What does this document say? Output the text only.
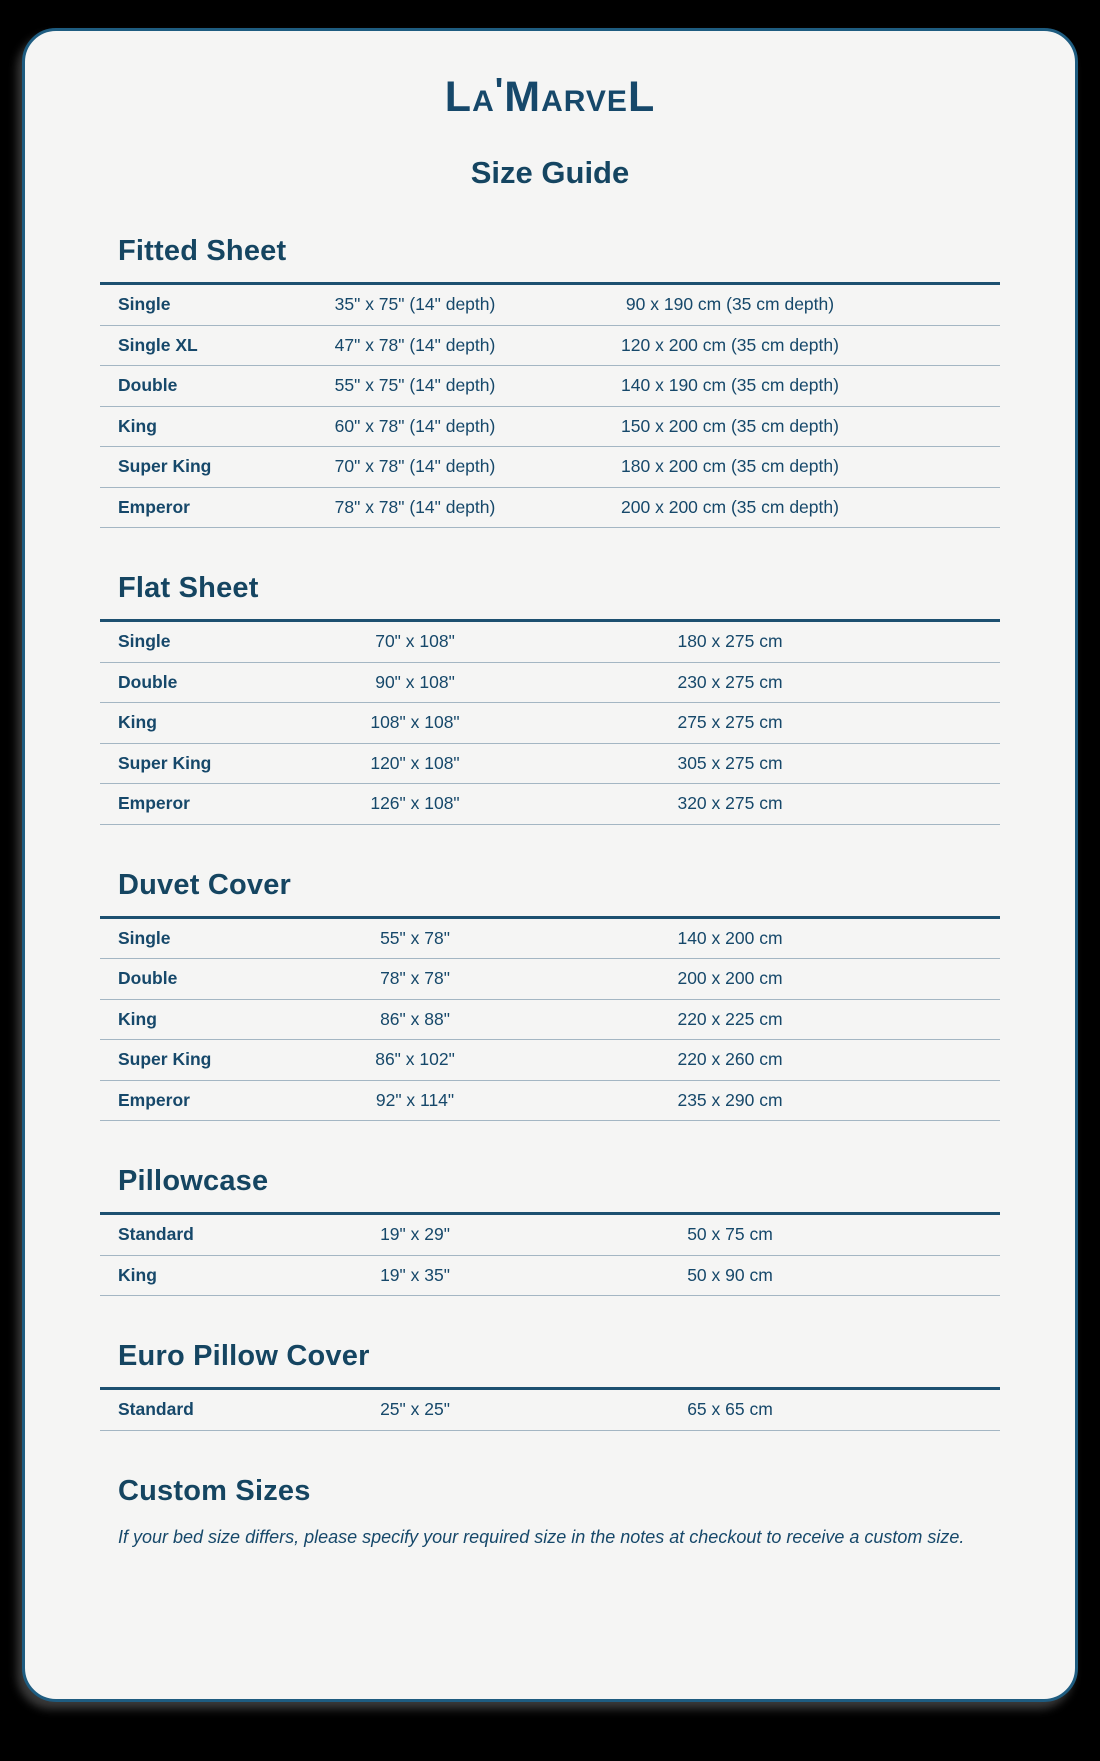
LA'MARVEL
Size Guide
Fitted Sheet
Single	35" x 75" (14" depth)	90 x 190 cm (35 cm depth)
Single XL	47" x 78" (14" depth)	120 x 200 cm (35 cm depth)
Double	55" x 75" (14" depth)	140 x 190 cm (35 cm depth)
King	60" x 78" (14" depth)	150 x 200 cm (35 cm depth)
Super King	70" x 78" (14" depth)	180 x 200 cm (35 cm depth)
Emperor	78" x 78" (14" depth)	200 x 200 cm (35 cm depth)
Flat Sheet
Single	70" x 108"	180 x 275 cm
Double	90" x 108"	230 x 275 cm
King	108" x 108"	275 x 275 cm
Super King	120" x 108"	305 x 275 cm
Emperor	126" x 108"	320 x 275 cm
Duvet Cover
Single	55" x 78"	140 x 200 cm
Double	78" x 78"	200 x 200 cm
King	86" x 88"	220 x 225 cm
Super King	86" x 102"	220 x 260 cm
Emperor	92" x 114"	235 x 290 cm
Pillowcase
Standard	19" x 29"	50 x 75 cm
King	19" x 35"	50 x 90 cm
Euro Pillow Cover
Standard	25" x 25"	65 x 65 cm
Custom Sizes

If your bed size differs, please specify your required size in the notes at checkout to receive a custom size.
